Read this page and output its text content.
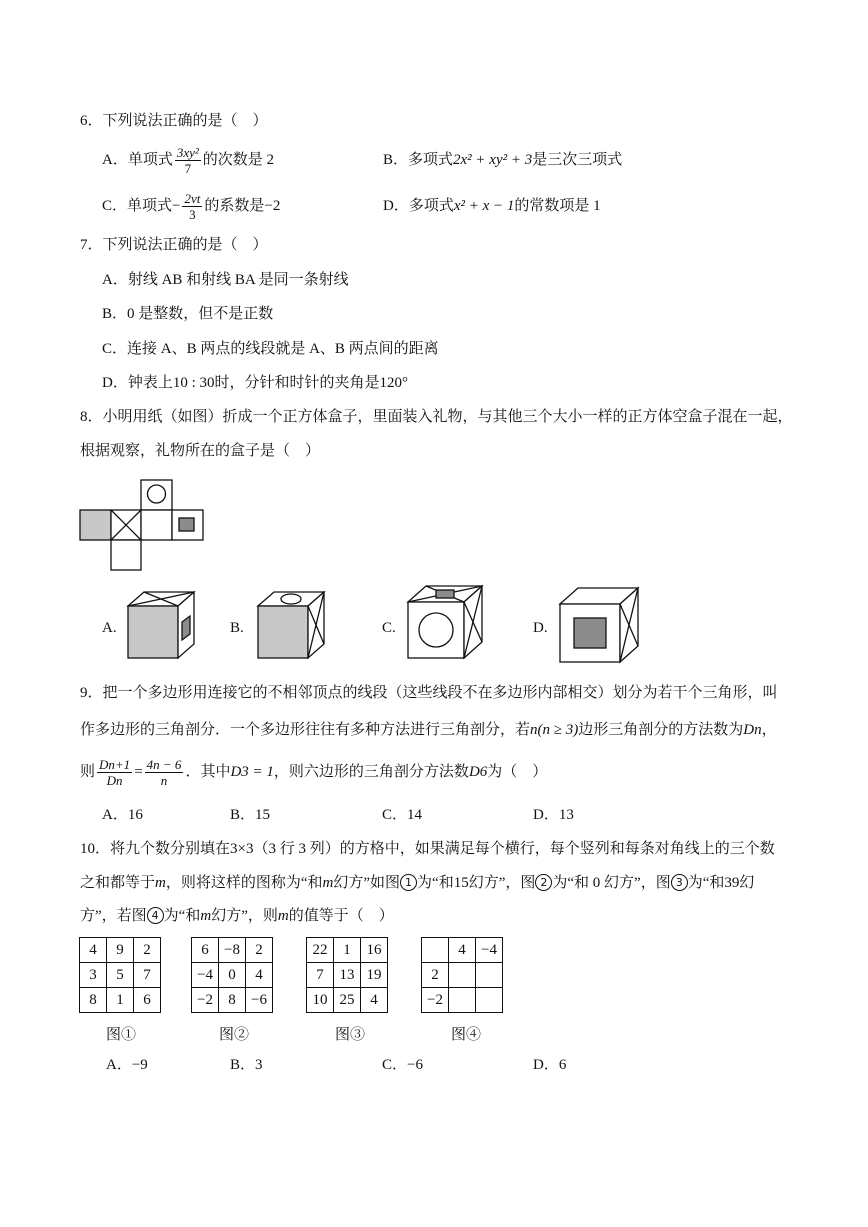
6．下列说法正确的是（　）
A．单项式 $\frac{\text{3xy²}}{7}$ 的次数是 2	B．多项式2x² + xy² + 3是三次三项式
C．单项式− $\frac{2vt}{3}$ 的系数是−2	D．多项式x² + x − 1的常数项是 1
7．下列说法正确的是（　）
A．射线 AB 和射线 BA 是同一条射线
B．0 是整数，但不是正数
C．连接 A、B 两点的线段就是 A、B 两点间的距离
D．钟表上10 : 30时，分针和时针的夹角是120°
8．小明用纸（如图）折成一个正方体盒子，里面装入礼物，与其他三个大小一样的正方体空盒子混在一起，
根据观察，礼物所在的盒子是（　）
A.	B.	C.	D.
9．把一个多边形用连接它的不相邻顶点的线段（这些线段不在多边形内部相交）划分为若干个三角形，叫
作多边形的三角剖分．一个多边形往往有多种方法进行三角剖分，若n(n ≥ 3)边形三角剖分的方法数为Dn，
则 $\frac{Dn+1}{Dn} = \frac{4n - 6}{n}$ ．其中D3 = 1，则六边形的三角剖分方法数D6为（　）
A．16	B．15	C．14	D．13
10．将九个数分别填在3×3（3 行 3 列）的方格中，如果满足每个横行，每个竖列和每条对角线上的三个数
之和都等于m，则将这样的图称为“和m幻方”如图 1 为“和15幻方”，图 2 为“和 0 幻方”，图 3 为“和39幻
方”，若图 4 为“和m幻方”，则m的值等于（　）
4	9	2
3	5	7
8	1	6
图①
6	−8	2
−4	0	4
−2	8	−6
图②
22	1	16
7	13	19
10	25	4
图③
	4	−4
2		
−2		
图④
A．−9	B．3	C．−6	D．6
